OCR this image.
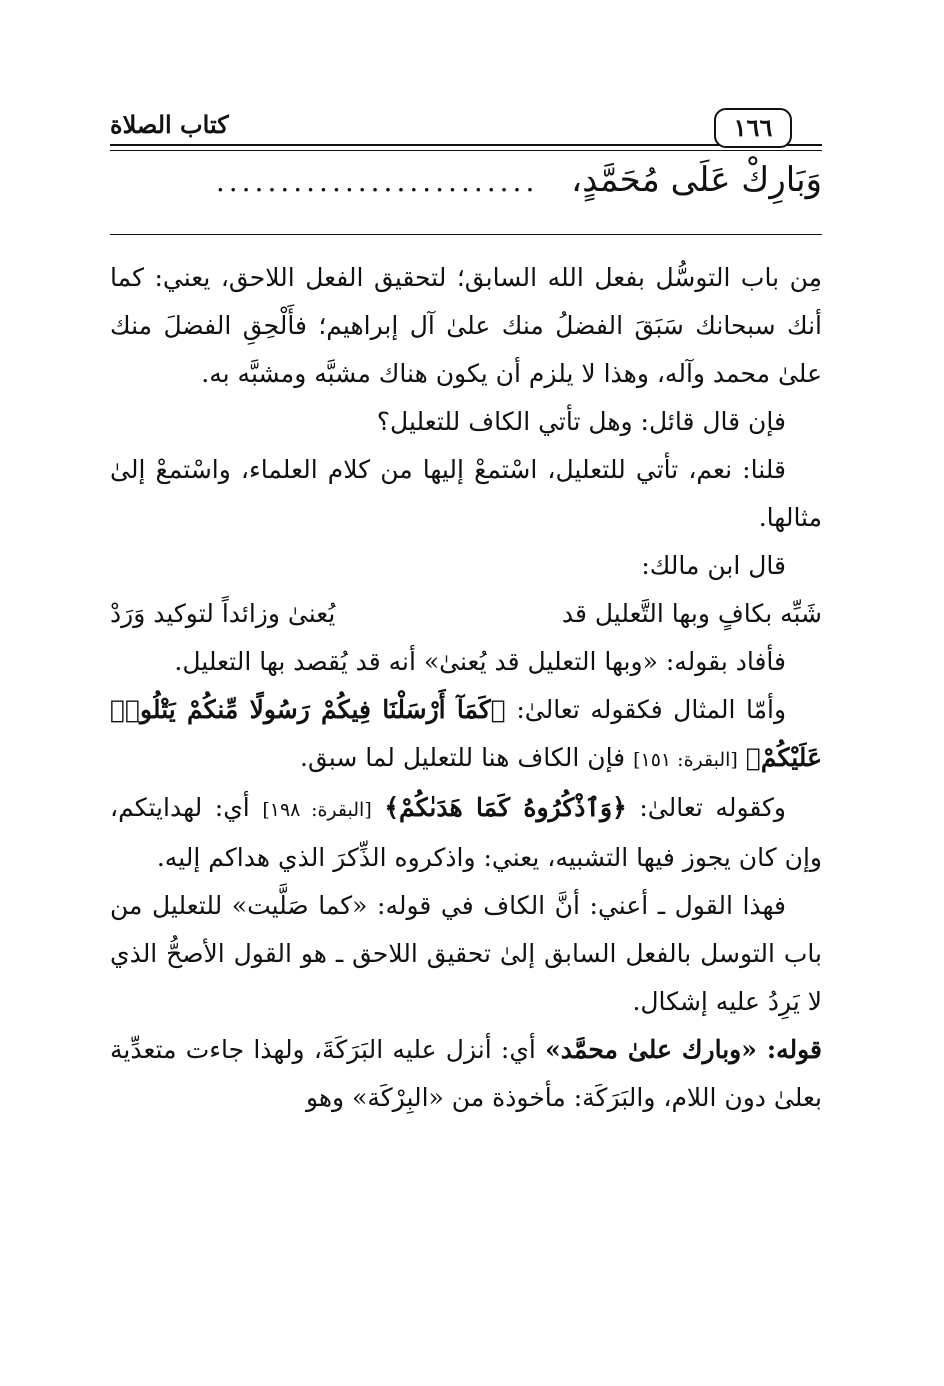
كتاب الصلاة	١٦٦
وَبَارِكْ عَلَى مُحَمَّدٍ، .........................

مِن باب التوسُّل بفعل الله السابق؛ لتحقيق الفعل اللاحق، يعني: كما أنك سبحانك سَبَقَ الفضلُ منك علىٰ آل إبراهيم؛ فأَلْحِقِ الفضلَ منك علىٰ محمد وآله، وهذا لا يلزم أن يكون هناك مشبَّه ومشبَّه به.

فإن قال قائل: وهل تأتي الكاف للتعليل؟

قلنا: نعم، تأتي للتعليل، اسْتمعْ إليها من كلام العلماء، واسْتمعْ إلىٰ مثالها.

قال ابن مالك:

شَبِّه بكافٍ وبها التَّعليل قد
يُعنىٰ وزائداً لتوكيد وَرَدْ

فأفاد بقوله: «وبها التعليل قد يُعنىٰ» أنه قد يُقصد بها التعليل.

وأمّا المثال فكقوله تعالىٰ: ﴿كَمَآ أَرْسَلْنَا فِيكُمْ رَسُولًا مِّنكُمْ يَتْلُوا۟ عَلَيْكُمْ﴾ [البقرة: ١٥١] فإن الكاف هنا للتعليل لما سبق.

وكقوله تعالىٰ: ﴿وَٱذْكُرُوهُ كَمَا هَدَىٰكُمْ﴾ [البقرة: ١٩٨] أي: لهدايتكم، وإن كان يجوز فيها التشبيه، يعني: واذكروه الذِّكرَ الذي هداكم إليه.

فهذا القول ـ أعني: أنَّ الكاف في قوله: «كما صَلَّيت» للتعليل من باب التوسل بالفعل السابق إلىٰ تحقيق اللاحق ـ هو القول الأصحُّ الذي لا يَرِدُ عليه إشكال.

قوله: «وبارك علىٰ محمَّد» أي: أنزل عليه البَرَكَةَ، ولهذا جاءت متعدِّية بعلىٰ دون اللام، والبَرَكَة: مأخوذة من «البِرْكَة» وهو
